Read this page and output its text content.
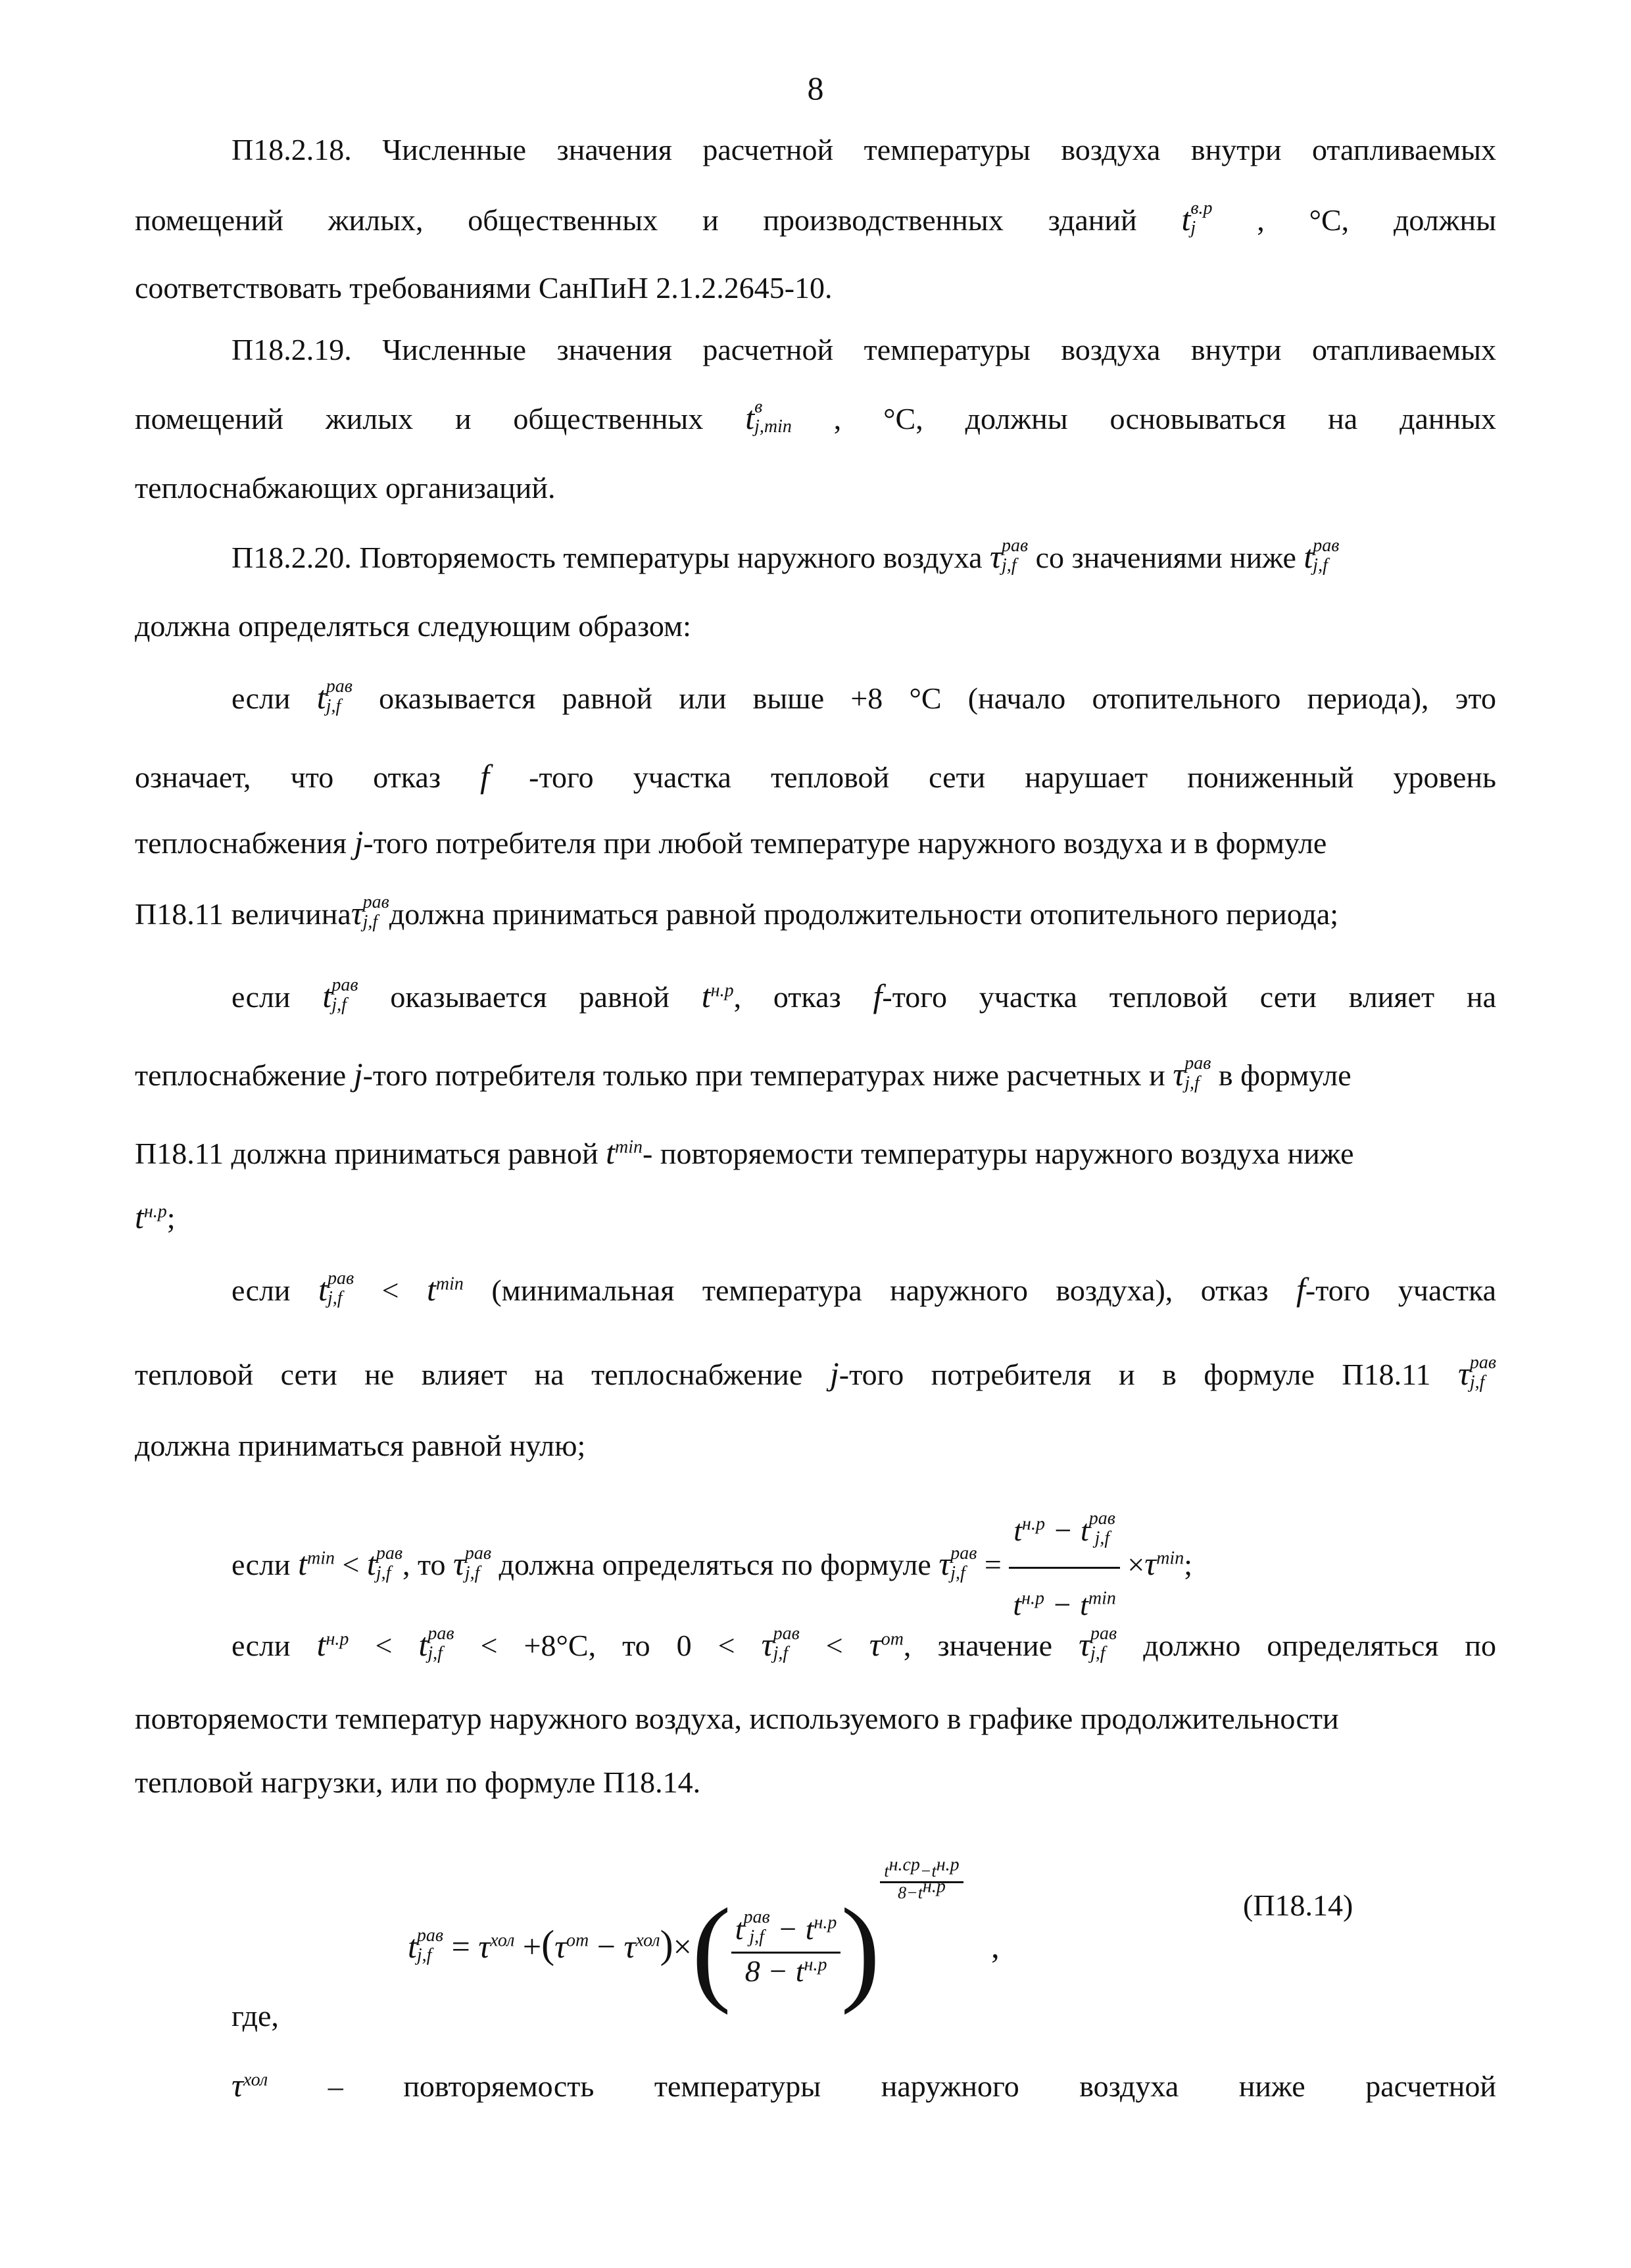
8
П18.2.18. Численные значения расчетной температуры воздуха внутри отапливаемых
помещений жилых, общественных и производственных зданий t в.р
j	, °С, должны
соответствовать требованиями СанПиН 2.1.2.2645-10.
П18.2.19. Численные значения расчетной температуры воздуха внутри отапливаемых
помещений жилых и общественных t в
j,min , °С, должны основываться на данных
теплоснабжающих организаций.
П18.2.20. Повторяемость температуры наружного воздуха τ рав
j,f со значениями ниже t рав
j,f
должна определяться следующим образом:
если t рав
j,f	оказывается равной или выше +8 °С (начало отопительного периода), это
означает, что отказ f -того участка тепловой сети нарушает пониженный уровень
теплоснабжения j-того потребителя при любой температуре наружного воздуха и в формуле
П18.11 величинаτ рав
j,f должна приниматься равной продолжительности отопительного периода;
если t рав
j,f	оказывается равной $t^{н.р}$, отказ f-того участка тепловой сети влияет на
теплоснабжение j-того потребителя только при температурах ниже расчетных и τ рав
j,f в формуле
П18.11 должна приниматься равной $t^{min}-$ повторяемости температуры наружного воздуха ниже
$t^{н.р}$;
если t рав
j,f	< $t^{min}$ (минимальная температура наружного воздуха), отказ f-того участка
тепловой сети не влияет на теплоснабжение j-того потребителя и в формуле П18.11 τ рав
j,f
должна приниматься равной нулю;
если $t^{min} < t$ рав
j,f , то τ рав
j,f должна определяться по формуле τ рав
$j,f = t^{н.р} - t$ рав
j,f
$t^{н.р} - t^{min} \times\tau^{min}$;
если $t^{н.р} < t$ рав
j,f	< +8°С, то 0 < τ рав
j,f	< $\tau^{от}$, значение τ рав
j,f	должно определяться по
повторяемости температур наружного воздуха, используемого в графике продолжительности
тепловой нагрузки, или по формуле П18.14.
t рав
$j,f = \tau^{хол} +(\tau^{от} - \tau^{хол})\times$( t рав
$j,f - t^{н.р}$
$8 - t^{н.р}$ )
$\frac{t^{н.ср}-t^{н.р}}{8-t^{н.р}}$
,
(П18.14)
где,
$\tau^{хол}$ – повторяемость температуры наружного воздуха ниже расчетной
